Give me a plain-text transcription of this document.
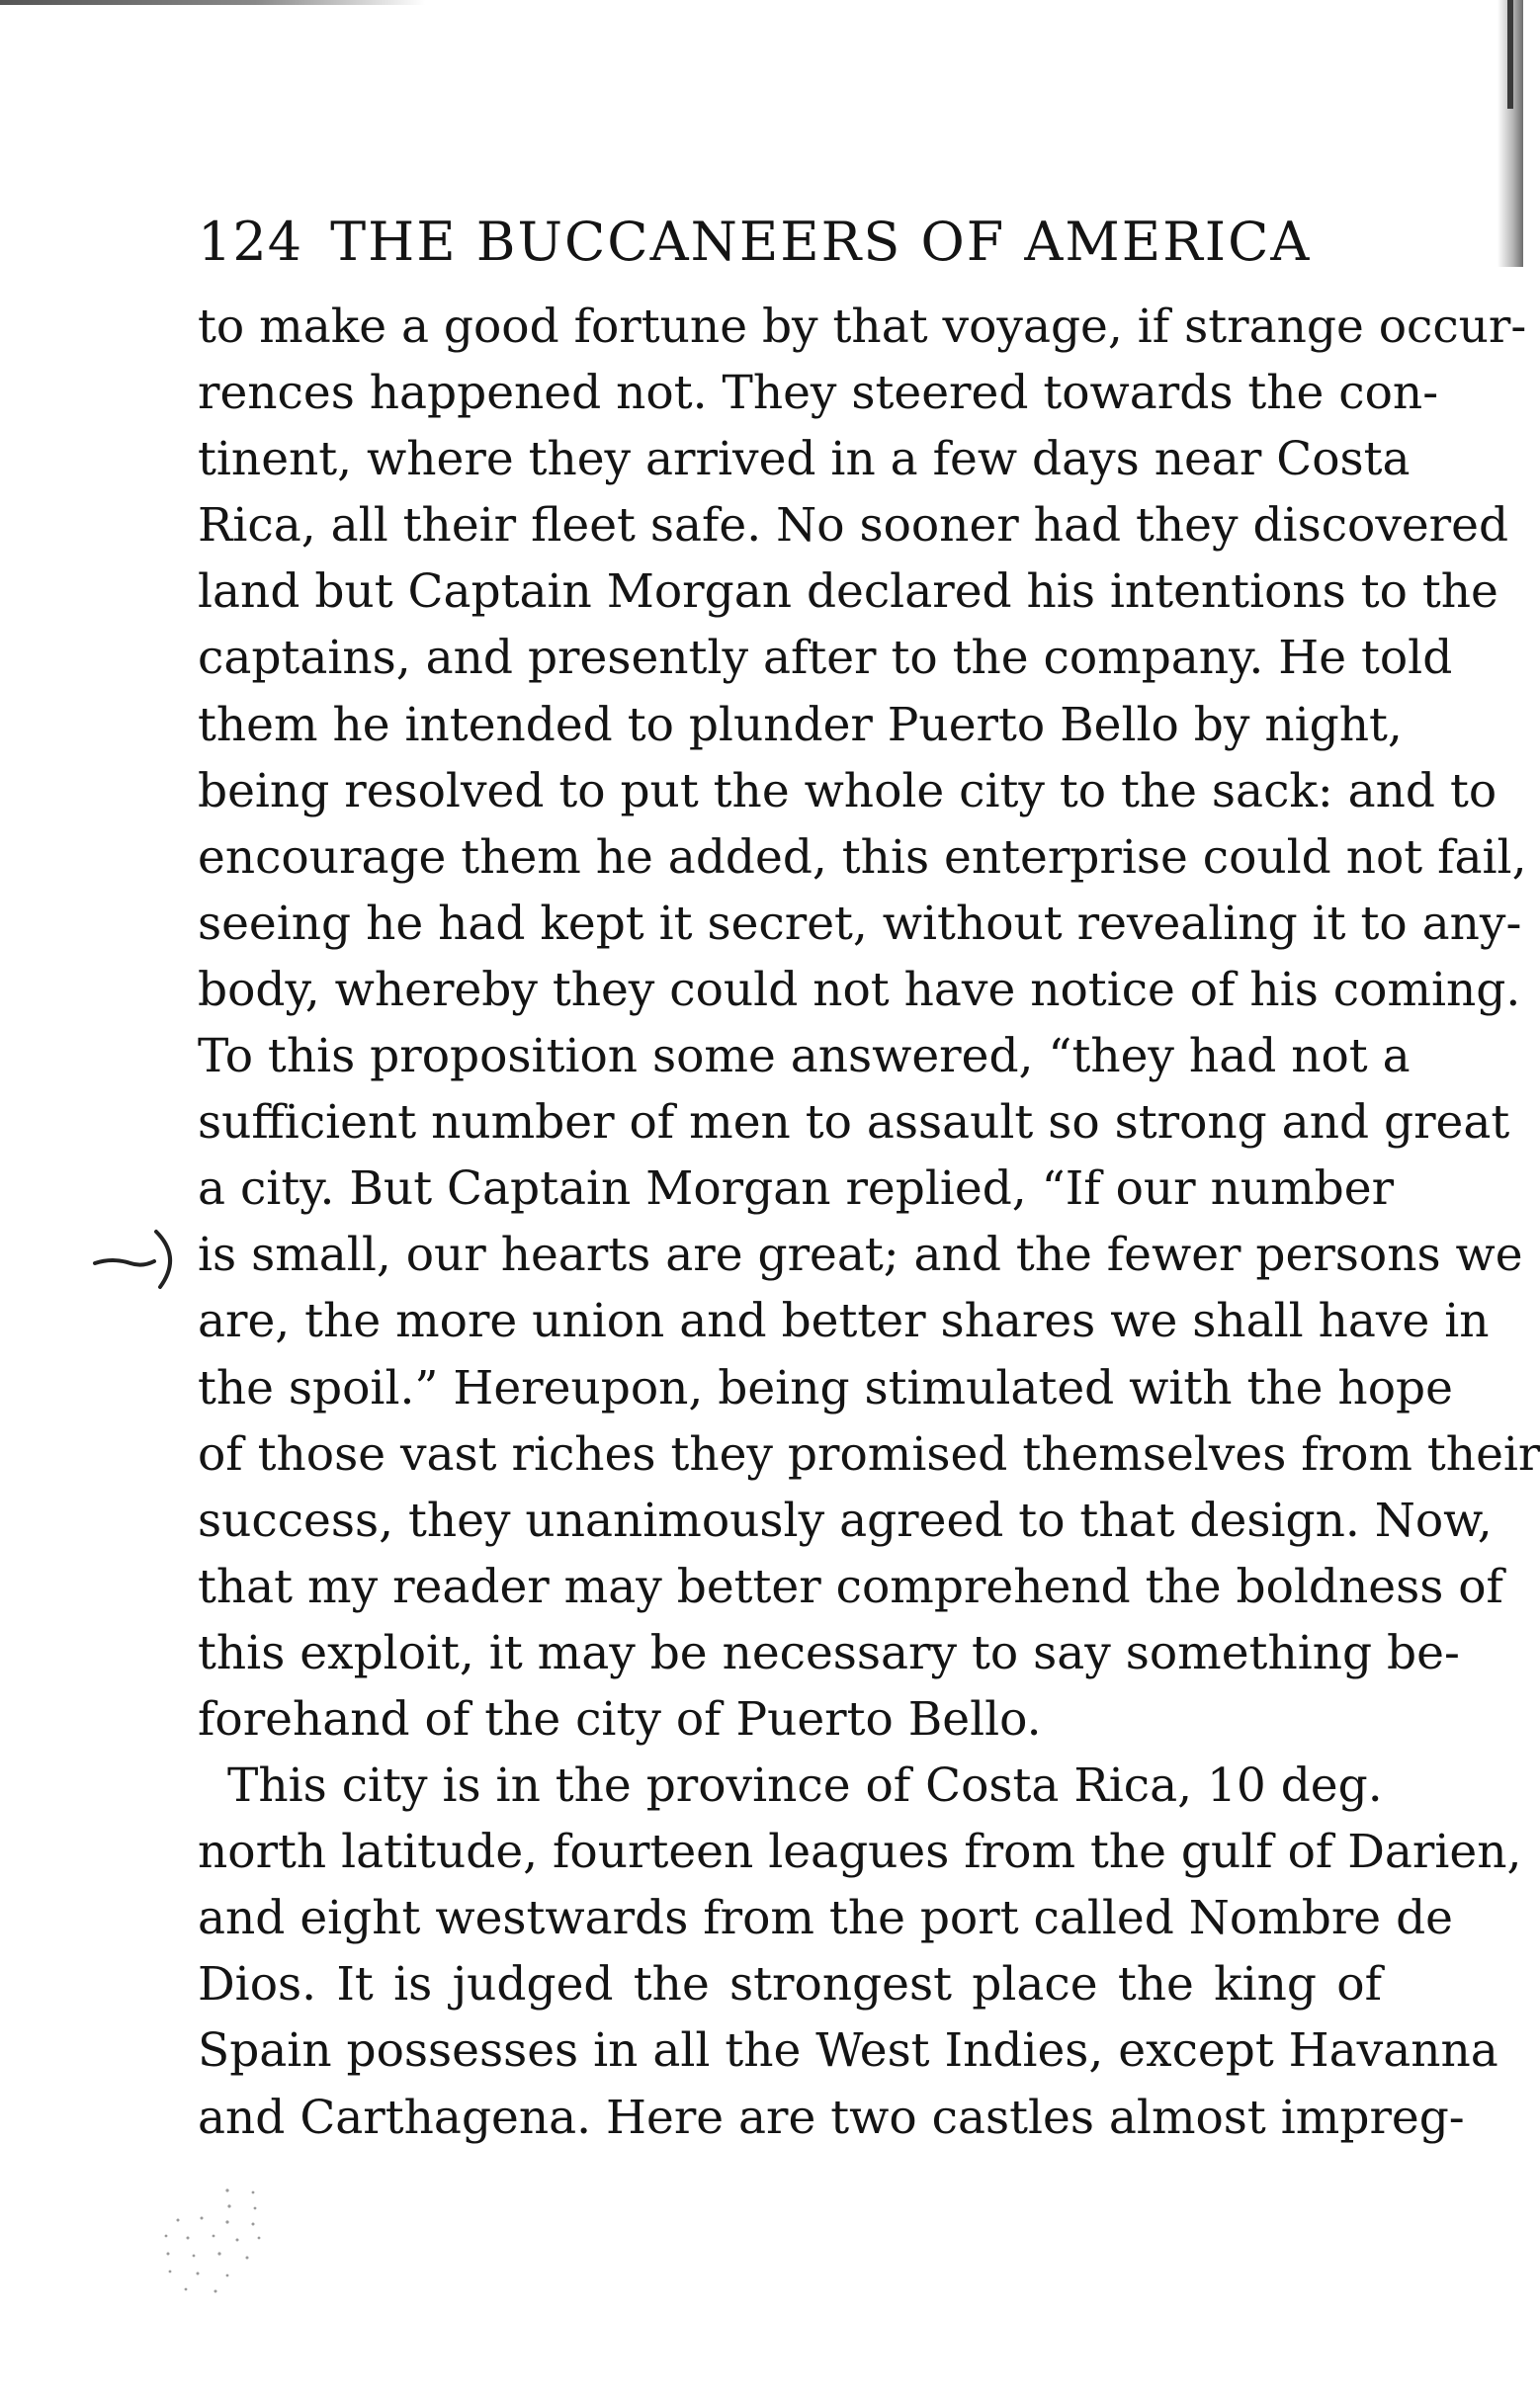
124 THE BUCCANEERS OF AMERICA
to make a good fortune by that voyage, if strange occur-
rences happened not. They steered towards the con-
tinent, where they arrived in a few days near Costa
Rica, all their fleet safe. No sooner had they discovered
land but Captain Morgan declared his intentions to the
captains, and presently after to the company. He told
them he intended to plunder Puerto Bello by night,
being resolved to put the whole city to the sack: and to
encourage them he added, this enterprise could not fail,
seeing he had kept it secret, without revealing it to any-
body, whereby they could not have notice of his coming.
To this proposition some answered, “they had not a
sufficient number of men to assault so strong and great
a city. But Captain Morgan replied, “If our number
is small, our hearts are great; and the fewer persons we
are, the more union and better shares we shall have in
the spoil.” Hereupon, being stimulated with the hope
of those vast riches they promised themselves from their
success, they unanimously agreed to that design. Now,
that my reader may better comprehend the boldness of
this exploit, it may be necessary to say something be-
forehand of the city of Puerto Bello.
This city is in the province of Costa Rica, 10 deg.
north latitude, fourteen leagues from the gulf of Darien,
and eight westwards from the port called Nombre de
Dios. It is judged the strongest place the king of
Spain possesses in all the West Indies, except Havanna
and Carthagena. Here are two castles almost impreg-
